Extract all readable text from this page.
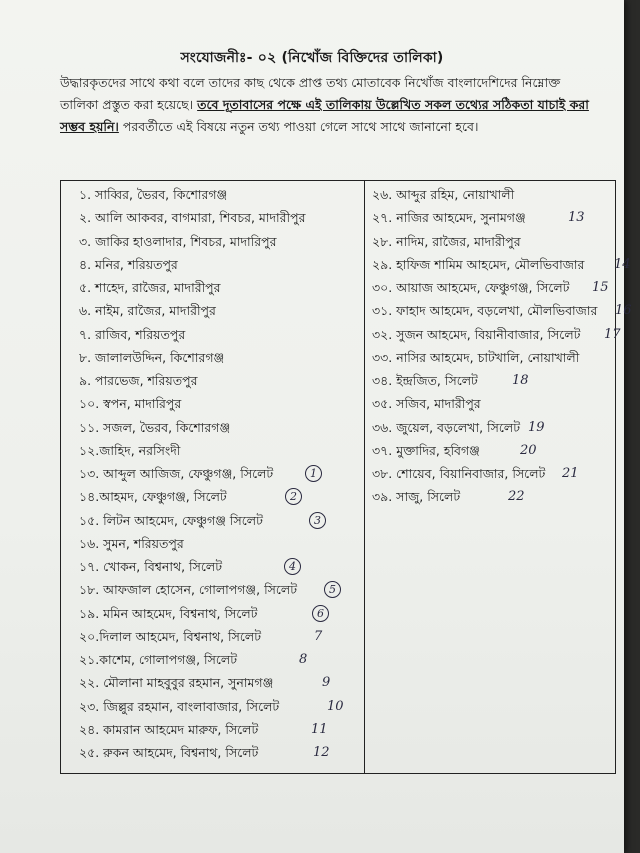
সংযোজনীঃ- ০২ (নিখোঁজ বিক্তিদের তালিকা)
উদ্ধারকৃতদের সাথে কথা বলে তাদের কাছ থেকে প্রাপ্ত তথ্য মোতাবেক নিখোঁজ বাংলাদেশিদের নিম্নোক্ত তালিকা প্রস্তুত করা হয়েছে। তবে দূতাবাসের পক্ষে এই তালিকায় উল্লেখিত সকল তথ্যের সঠিকতা যাচাই করা সম্ভব হয়নি। পরবর্তীতে এই বিষয়ে নতুন তথ্য পাওয়া গেলে সাথে সাথে জানানো হবে।
১. সাব্বির, ভৈরব, কিশোরগঞ্জ
২. আলি আকবর, বাগমারা, শিবচর, মাদারীপুর
৩. জাকির হাওলাদার, শিবচর, মাদারিপুর
৪. মনির, শরিয়তপুর
৫. শাহেদ, রাজৈর, মাদারীপুর
৬. নাইম, রাজৈর, মাদারীপুর
৭. রাজিব, শরিয়তপুর
৮. জালালউদ্দিন, কিশোরগঞ্জ
৯. পারভেজ, শরিয়তপুর
১০. স্বপন, মাদারিপুর
১১. সজল, ভৈরব, কিশোরগঞ্জ
১২.জাহিদ, নরসিংদী
১৩. আব্দুল আজিজ, ফেঞ্চুগঞ্জ, সিলেট	1
১৪.আহমদ, ফেঞ্চুগঞ্জ, সিলেট	2
১৫. লিটন আহমেদ, ফেঞ্চুগঞ্জ সিলেট	3
১৬. সুমন, শরিয়তপুর
১৭. খোকন, বিশ্বনাথ, সিলেট	4
১৮. আফজাল হোসেন, গোলাপগঞ্জ, সিলেট	5
১৯. মমিন আহমেদ, বিশ্বনাথ, সিলেট	6
২০.দিলাল আহমেদ, বিশ্বনাথ, সিলেট	7
২১.কাশেম, গোলাপগঞ্জ, সিলেট	8
২২. মৌলানা মাহবুবুর রহমান, সুনামগঞ্জ	9
২৩. জিল্লুর রহমান, বাংলাবাজার, সিলেট	10
২৪. কামরান আহমেদ মারুফ, সিলেট	11
২৫. রুকন আহমেদ, বিশ্বনাথ, সিলেট	12
২৬. আব্দুর রহিম, নোয়াখালী
২৭. নাজির আহমেদ, সুনামগঞ্জ	13
২৮. নাদিম, রাজৈর, মাদারীপুর
২৯. হাফিজ শামিম আহমেদ, মৌলভিবাজার 14
৩০. আয়াজ আহমেদ, ফেঞ্চুগঞ্জ, সিলেট 15
৩১. ফাহাদ আহমেদ, বড়লেখা, মৌলভিবাজার 16
৩২. সুজন আহমেদ, বিয়ানীবাজার, সিলেট 17
৩৩. নাসির আহমেদ, চাটখালি, নোয়াখালী
৩৪. ইন্দ্রজিত, সিলেট	18
৩৫. সজিব, মাদারীপুর
৩৬. জুয়েল, বড়লেখা, সিলেট 19
৩৭. মুক্তাদির, হবিগঞ্জ	20
৩৮. শোয়েব, বিয়ানিবাজার, সিলেট 21
৩৯. সাজু, সিলেট	22
